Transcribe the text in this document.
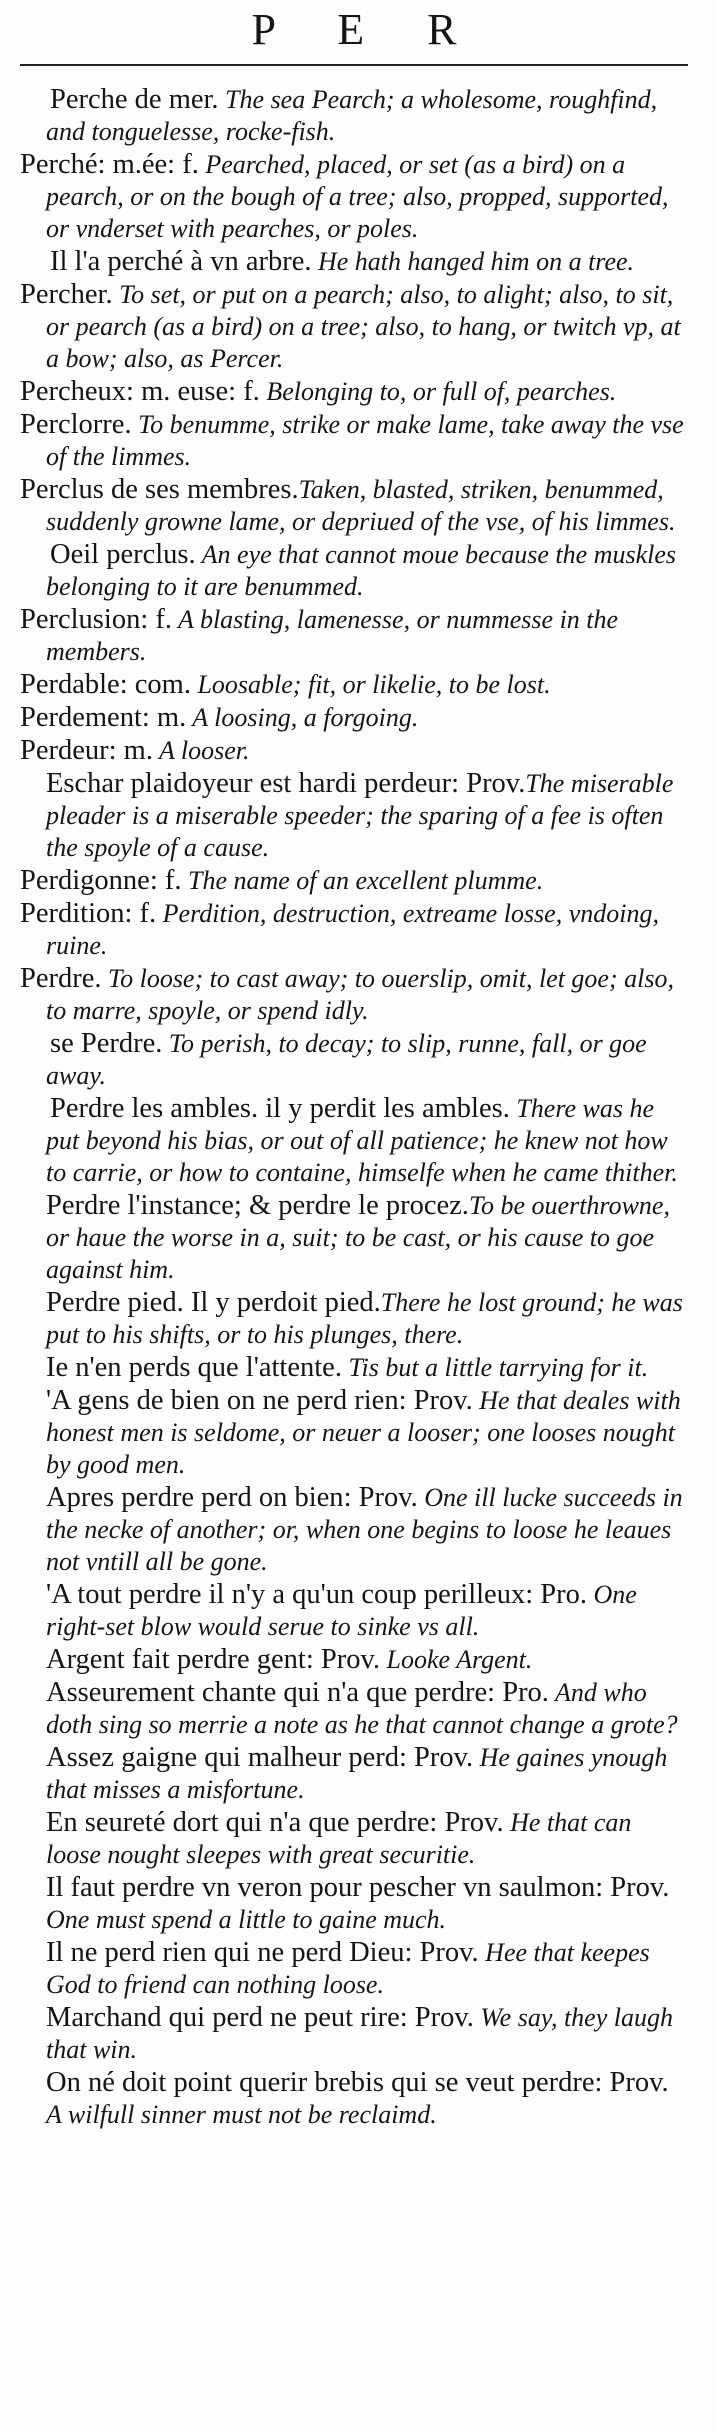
P E R

Perche de mer. The sea Pearch; a wholesome, roughfind, and tonguelesse, rocke-fish.

Perché: m.ée: f. Pearched, placed, or set (as a bird) on a pearch, or on the bough of a tree; also, propped, supported, or vnderset with pearches, or poles.

Il l'a perché à vn arbre. He hath hanged him on a tree.

Percher. To set, or put on a pearch; also, to alight; also, to sit, or pearch (as a bird) on a tree; also, to hang, or twitch vp, at a bow; also, as Percer.

Percheux: m. euse: f. Belonging to, or full of, pearches.

Perclorre. To benumme, strike or make lame, take away the vse of the limmes.

Perclus de ses membres.Taken, blasted, striken, benummed, suddenly growne lame, or depriued of the vse, of his limmes.

Oeil perclus. An eye that cannot moue because the muskles belonging to it are benummed.

Perclusion: f. A blasting, lamenesse, or nummesse in the members.

Perdable: com. Loosable; fit, or likelie, to be lost.

Perdement: m. A loosing, a forgoing.

Perdeur: m. A looser.

Eschar plaidoyeur est hardi perdeur: Prov.The miserable pleader is a miserable speeder; the sparing of a fee is often the spoyle of a cause.

Perdigonne: f. The name of an excellent plumme.

Perdition: f. Perdition, destruction, extreame losse, vndoing, ruine.

Perdre. To loose; to cast away; to ouerslip, omit, let goe; also, to marre, spoyle, or spend idly.

se Perdre. To perish, to decay; to slip, runne, fall, or goe away.

Perdre les ambles. il y perdit les ambles. There was he put beyond his bias, or out of all patience; he knew not how to carrie, or how to containe, himselfe when he came thither.

Perdre l'instance; & perdre le procez.To be ouerthrowne, or haue the worse in a, suit; to be cast, or his cause to goe against him.

Perdre pied. Il y perdoit pied.There he lost ground; he was put to his shifts, or to his plunges, there.

Ie n'en perds que l'attente. Tis but a little tarrying for it.

'A gens de bien on ne perd rien: Prov. He that deales with honest men is seldome, or neuer a looser; one looses nought by good men.

Apres perdre perd on bien: Prov. One ill lucke succeeds in the necke of another; or, when one begins to loose he leaues not vntill all be gone.

'A tout perdre il n'y a qu'un coup perilleux: Pro. One right-set blow would serue to sinke vs all.

Argent fait perdre gent: Prov. Looke Argent.

Asseurement chante qui n'a que perdre: Pro. And who doth sing so merrie a note as he that cannot change a grote?

Assez gaigne qui malheur perd: Prov. He gaines ynough that misses a misfortune.

En seureté dort qui n'a que perdre: Prov. He that can loose nought sleepes with great securitie.

Il faut perdre vn veron pour pescher vn saulmon: Prov. One must spend a little to gaine much.

Il ne perd rien qui ne perd Dieu: Prov. Hee that keepes God to friend can nothing loose.

Marchand qui perd ne peut rire: Prov. We say, they laugh that win.

On né doit point querir brebis qui se veut perdre: Prov. A wilfull sinner must not be reclaimd.
